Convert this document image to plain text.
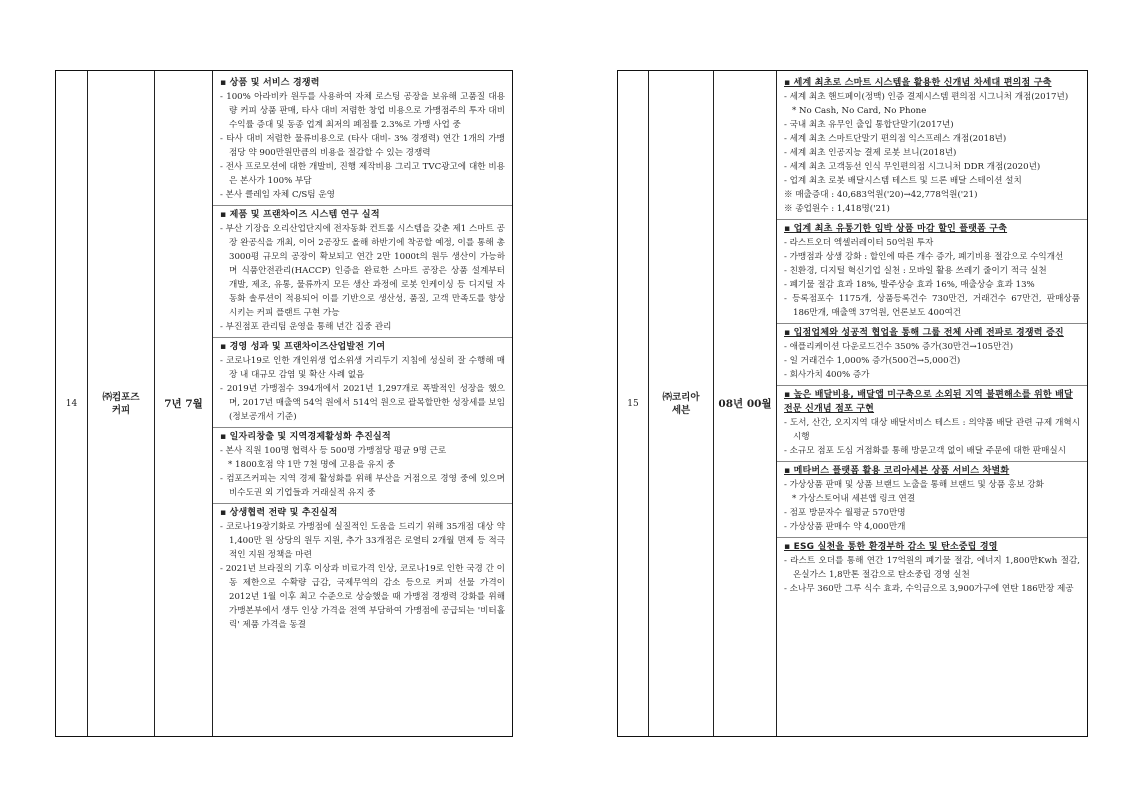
14
㈜컴포즈
커피	7년 7월
▪ 상품 및 서비스 경쟁력
- 100% 아라비카 원두를 사용하여 자체 로스팅 공장을 보유해 고품질 대용량 커피 상품 판매, 타사 대비 저렴한 창업 비용으로 가맹점주의 투자 대비 수익률 증대 및 동종 업계 최저의 폐점률 2.3%로 가맹 사업 중
- 타사 대비 저렴한 물류비용으로 (타사 대비- 3% 경쟁력) 연간 1개의 가맹점당 약 900만원만큼의 비용을 절감할 수 있는 경쟁력
- 전사 프로모션에 대한 개발비, 진행 제작비용 그리고 TVC광고에 대한 비용은 본사가 100% 부담
- 본사 클레임 자체 C/S팀 운영
▪ 제품 및 프랜차이즈 시스템 연구 실적
- 부산 기장읍 오리산업단지에 전자동화 컨트롤 시스템을 갖춘 제1 스마트 공장 완공식을 개최, 이어 2공장도 올해 하반기에 착공할 예정, 이를 통해 총 3000평 규모의 공장이 확보되고 연간 2만 1000t의 원두 생산이 가능하며 식품안전관리(HACCP) 인증을 완료한 스마트 공장은 상품 설계부터 개발, 제조, 유통, 물류까지 모든 생산 과정에 로봇 인케이싱 등 디지털 자동화 솔루션이 적용되어 이를 기반으로 생산성, 품질, 고객 만족도를 향상시키는 커피 플랜트 구현 가능
- 부진점포 관리팀 운영을 통해 년간 집중 관리
▪ 경영 성과 및 프랜차이즈산업발전 기여
- 코로나19로 인한 개인위생 업소위생 거리두기 지침에 성실히 잘 수행해 매장 내 대규모 감염 및 확산 사례 없음
- 2019년 가맹점수 394개에서 2021년 1,297개로 폭발적인 성장을 했으며, 2017년 매출액 54억 원에서 514억 원으로 괄목할만한 성장세를 보임(정보공개서 기준)
▪ 일자리창출 및 지역경제활성화 추진실적
- 본사 직원 100명 협력사 등 500명 가맹점당 평균 9명 근로
* 1800호점 약 1만 7천 명에 고용을 유지 중
- 컴포즈커피는 지역 경제 활성화를 위해 부산을 거점으로 경영 중에 있으며 비수도권 외 기업들과 거래실적 유지 중
▪ 상생협력 전략 및 추진실적
- 코로나19장기화로 가맹점에 실질적인 도움을 드리기 위해 35개점 대상 약 1,400만 원 상당의 원두 지원, 추가 33개점은 로열티 2개월 면제 등 적극적인 지원 정책을 마련
- 2021년 브라질의 기후 이상과 비료가격 인상, 코로나19로 인한 국경 간 이동 제한으로 수확량 급감, 국제무역의 감소 등으로 커피 선물 가격이 2012년 1월 이후 최고 수준으로 상승했을 때 가맹점 경쟁력 강화를 위해 가맹본부에서 생두 인상 가격을 전액 부담하여 가맹점에 공급되는 '비터홀릭' 제품 가격을 동결
15
㈜코리아
세븐	08년 00월
▪ 세계 최초로 스마트 시스템을 활용한 신개념 차세대 편의점 구축
- 세계 최초 핸드페이(정맥) 인증 결제시스템 편의점 시그니처 개점(2017년)
* No Cash, No Card, No Phone
- 국내 최초 유무인 출입 통합단말기(2017년)
- 세계 최초 스마트단말기 편의점 익스프레스 개점(2018년)
- 세계 최초 인공지능 결제 로봇 브니(2018년)
- 세계 최초 고객동선 인식 무인편의점 시그니처 DDR 개점(2020년)
- 업계 최초 로봇 배달시스템 테스트 및 드론 배달 스테이션 설치
※ 매출증대 : 40,683억원('20)→42,778억원('21)
※ 종업원수 : 1,418명('21)
▪ 업계 최초 유통기한 임박 상품 마감 할인 플랫폼 구축
- 라스트오더 엑셀러레이터 50억원 투자
- 가맹점과 상생 강화 : 할인에 따른 개수 증가, 폐기비용 절감으로 수익개선
- 친환경, 디지털 혁신기업 실천 : 모바일 활용 쓰레기 줄이기 적극 실천
- 폐기물 절감 효과 18%, 발주상승 효과 16%, 매출상승 효과 13%
- 등록점포수 1175개, 상품등록건수 730만건, 거래건수 67만건, 판매상품 186만개, 매출액 37억원, 언론보도 400여건
▪ 입점업체와 성공적 협업을 통해 그룹 전체 사례 전파로 경쟁력 증진
- 애플리케이션 다운로드건수 350% 증가(30만건→105만건)
- 일 거래건수 1,000% 증가(500건→5,000건)
- 회사가치 400% 증가
▪ 높은 배달비용, 배달앱 미구축으로 소외된 지역 불편해소를 위한 배달 전문 신개념 점포 구현
- 도서, 산간, 오지지역 대상 배달서비스 테스트 : 의약품 배달 관련 규제 개혁시 시행
- 소규모 점포 도심 거점화를 통해 방문고객 없이 배달 주문에 대한 판매실시
▪ 메타버스 플랫폼 활용 코리아세븐 상품 서비스 차별화
- 가상상품 판매 및 상품 브랜드 노출을 통해 브랜드 및 상품 홍보 강화
* 가상스토어내 세븐앱 링크 연결
- 점포 방문자수 월평균 570만명
- 가상상품 판매수 약 4,000만개
▪ ESG 실천을 통한 환경부하 감소 및 탄소중립 경영
- 라스트 오더를 통해 연간 17억원의 폐기물 절감, 에너지 1,800만Kwh 절감, 온실가스 1,8만톤 절감으로 탄소중립 경영 실천
- 소나무 360만 그루 식수 효과, 수익금으로 3,900가구에 연탄 186만장 제공
